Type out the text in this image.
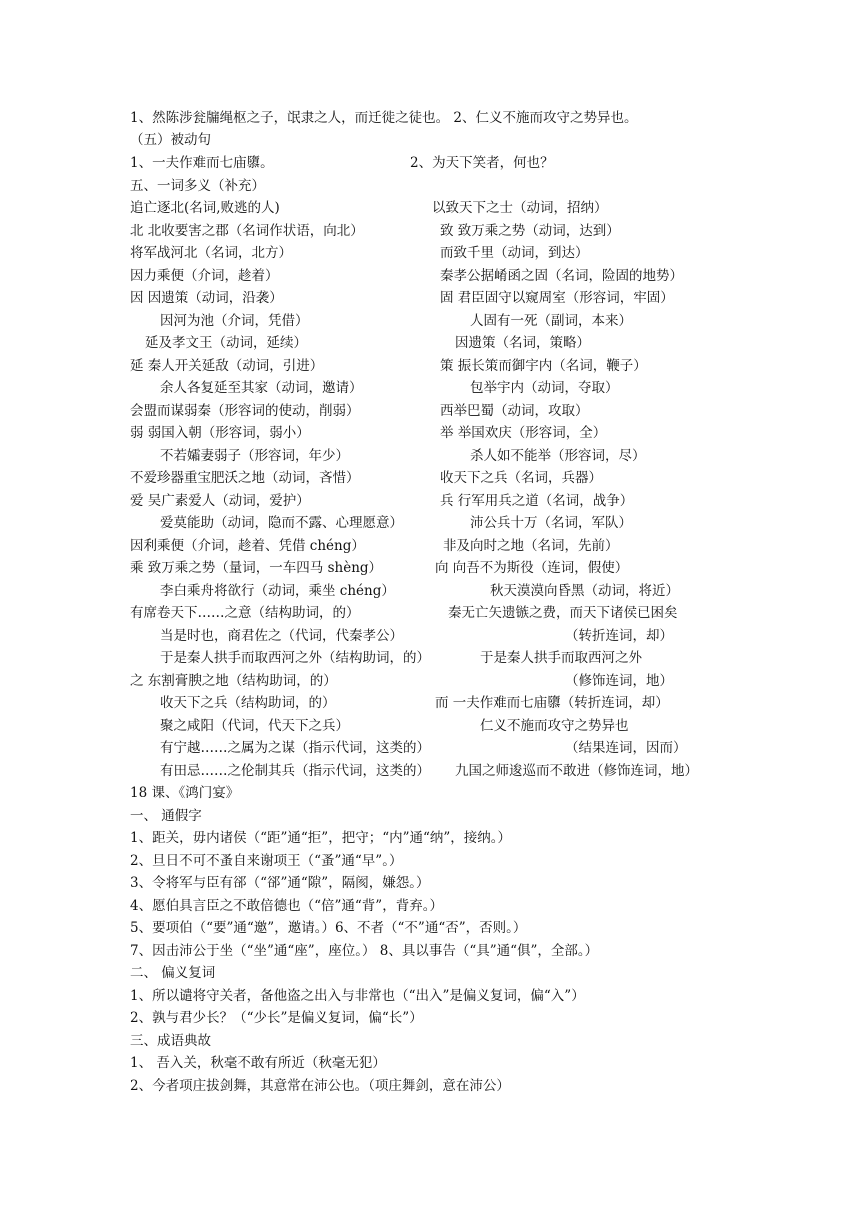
1、然陈涉瓮牖绳枢之子，氓隶之人，而迁徙之徒也。 2、仁义不施而攻守之势异也。
（五）被动句
1、一夫作难而七庙隳。	2、为天下笑者，何也？
五、一词多义（补充）
追亡逐北(名词,败逃的人)	以致天下之士（动词，招纳）
北 北收要害之郡（名词作状语，向北）	致 致万乘之势（动词，达到）
将军战河北（名词，北方）	而致千里（动词，到达）
因力乘便（介词，趁着）	秦孝公据崤函之固（名词，险固的地势）
因 因遗策（动词，沿袭）	固 君臣固守以窥周室（形容词，牢固）
因河为池（介词，凭借）	人固有一死（副词，本来）
延及孝文王（动词，延续）	因遗策（名词，策略）
延 秦人开关延敌（动词，引进）	策 振长策而御宇内（名词，鞭子）
余人各复延至其家（动词，邀请）	包举宇内（动词，夺取）
会盟而谋弱秦（形容词的使动，削弱）	西举巴蜀（动词，攻取）
弱 弱国入朝（形容词，弱小）	举 举国欢庆（形容词，全）
不若孀妻弱子（形容词，年少）	杀人如不能举（形容词，尽）
不爱珍器重宝肥沃之地（动词，吝惜）	收天下之兵（名词，兵器）
爱 吴广素爱人（动词，爱护）	兵 行军用兵之道（名词，战争）
爱莫能助（动词，隐而不露、心理愿意）	沛公兵十万（名词，军队）
因利乘便（介词，趁着、凭借 chéng）	非及向时之地（名词，先前）
乘 致万乘之势（量词，一车四马 shèng）	向 向吾不为斯役（连词，假使）
李白乘舟将欲行（动词，乘坐 chéng）	秋天漠漠向昏黑（动词，将近）
有席卷天下……之意（结构助词，的）	秦无亡矢遗镞之费，而天下诸侯已困矣
当是时也，商君佐之（代词，代秦孝公）	（转折连词，却）
于是秦人拱手而取西河之外（结构助词，的）	于是秦人拱手而取西河之外
之 东割膏腴之地（结构助词，的）	（修饰连词，地）
收天下之兵（结构助词，的）	而 一夫作难而七庙隳（转折连词，却）
聚之咸阳（代词，代天下之兵）	仁义不施而攻守之势异也
有宁越……之属为之谋（指示代词，这类的）	（结果连词，因而）
有田忌……之伦制其兵（指示代词，这类的） 九国之师逡巡而不敢进（修饰连词，地）
18 课、《鸿门宴》
一、 通假字
1、距关，毋内诸侯（“距”通“拒”，把守；“内”通“纳”，接纳。）
2、旦日不可不蚤自来谢项王（“蚤”通“早”。）
3、令将军与臣有郤（“郤”通“隙”，隔阂，嫌怨。）
4、愿伯具言臣之不敢倍德也（“倍”通“背”，背弃。）
5、要项伯（“要”通“邀”，邀请。）6、不者（“不”通“否”，否则。）
7、因击沛公于坐（“坐”通“座”，座位。） 8、具以事告（“具”通“俱”，全部。）
二、 偏义复词
1、所以谴将守关者，备他盗之出入与非常也（“出入”是偏义复词，偏“入”）
2、孰与君少长？（“少长”是偏义复词，偏“长”）
三、成语典故
1、 吾入关，秋毫不敢有所近（秋毫无犯）
2、今者项庄拔剑舞，其意常在沛公也。（项庄舞剑，意在沛公）
